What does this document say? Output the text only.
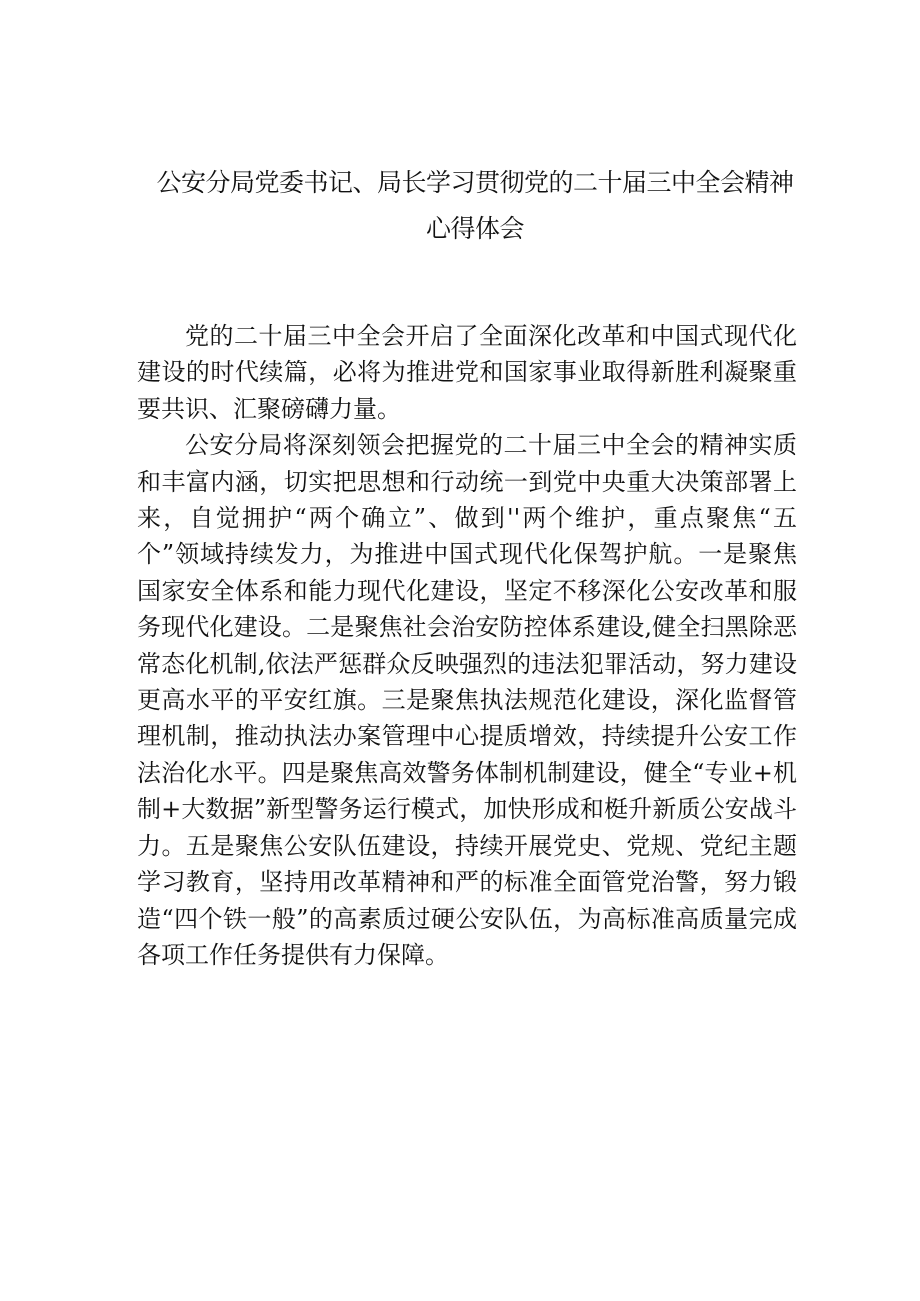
公安分局党委书记、局长学习贯彻党的二十届三中全会精神
心得体会

党的二十届三中全会开启了全面深化改革和中国式现代化建设的时代续篇，必将为推进党和国家事业取得新胜利凝聚重要共识、汇聚磅礴力量。

公安分局将深刻领会把握党的二十届三中全会的精神实质和丰富内涵，切实把思想和行动统一到党中央重大决策部署上来，自觉拥护“两个确立”、做到''两个维护，重点聚焦“五个”领域持续发力，为推进中国式现代化保驾护航。一是聚焦国家安全体系和能力现代化建设，坚定不移深化公安改革和服务现代化建设。二是聚焦社会治安防控体系建设,健全扫黑除恶常态化机制,依法严惩群众反映强烈的违法犯罪活动，努力建设更高水平的平安红旗。三是聚焦执法规范化建设，深化监督管理机制，推动执法办案管理中心提质增效，持续提升公安工作法治化水平。四是聚焦高效警务体制机制建设，健全“专业+机制+大数据”新型警务运行模式，加快形成和梃升新质公安战斗力。五是聚焦公安队伍建设，持续开展党史、党规、党纪主题学习教育，坚持用改革精神和严的标准全面管党治警，努力锻造“四个铁一般”的高素质过硬公安队伍，为高标准高质量完成各项工作任务提供有力保障。
